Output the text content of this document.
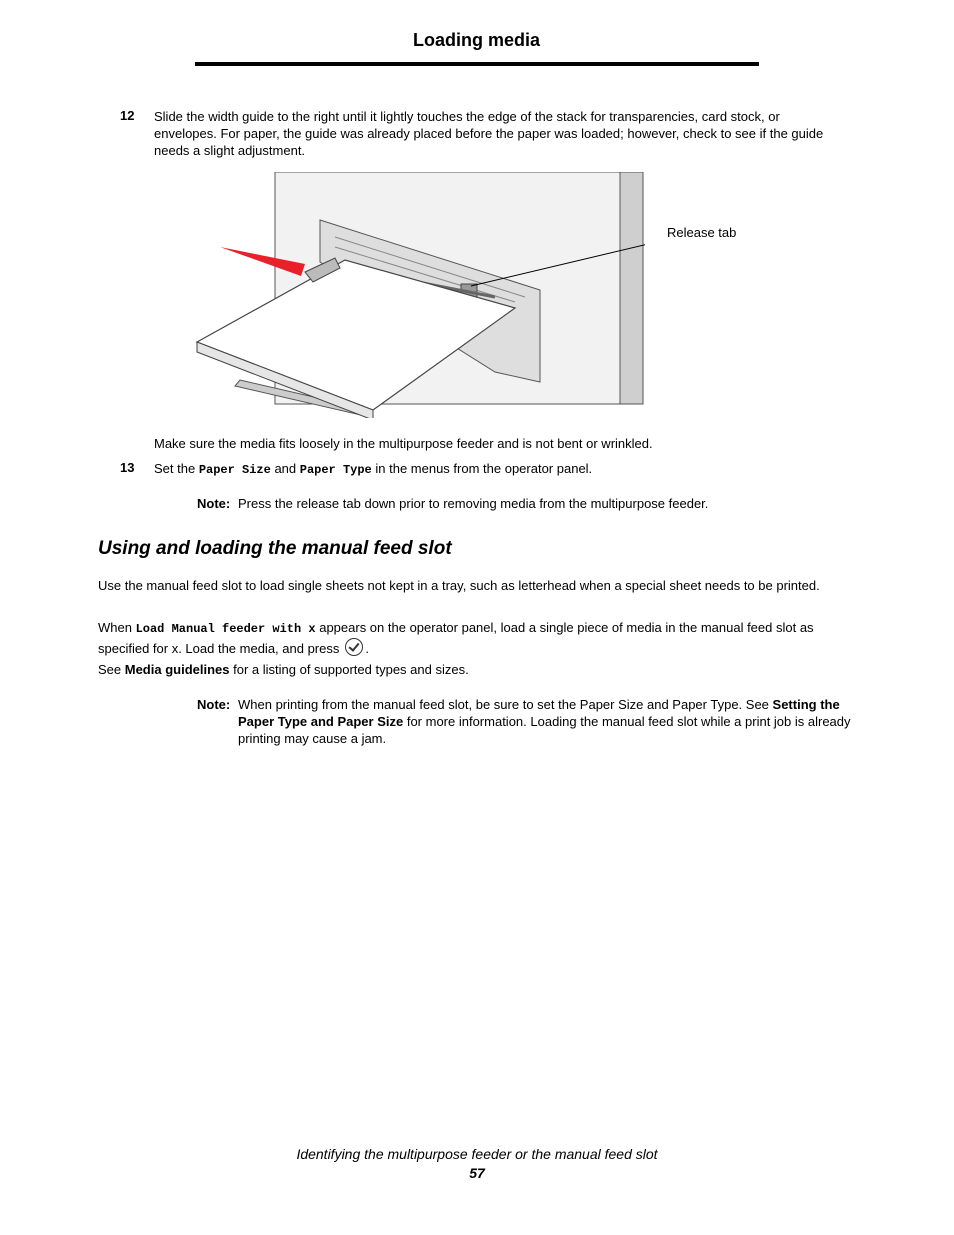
Loading media
12 Slide the width guide to the right until it lightly touches the edge of the stack for transparencies, card stock, or envelopes. For paper, the guide was already placed before the paper was loaded; however, check to see if the guide needs a slight adjustment.
Release tab
Make sure the media fits loosely in the multipurpose feeder and is not bent or wrinkled.
13 Set the Paper Size and Paper Type in the menus from the operator panel.
Note: Press the release tab down prior to removing media from the multipurpose feeder.
Using and loading the manual feed slot
Use the manual feed slot to load single sheets not kept in a tray, such as letterhead when a special sheet needs to be printed.
When Load Manual feeder with x appears on the operator panel, load a single piece of media in the manual feed slot as specified for x. Load the media, and press .
See Media guidelines for a listing of supported types and sizes.
Note: When printing from the manual feed slot, be sure to set the Paper Size and Paper Type. See Setting the Paper Type and Paper Size for more information. Loading the manual feed slot while a print job is already printing may cause a jam.
Identifying the multipurpose feeder or the manual feed slot
57
